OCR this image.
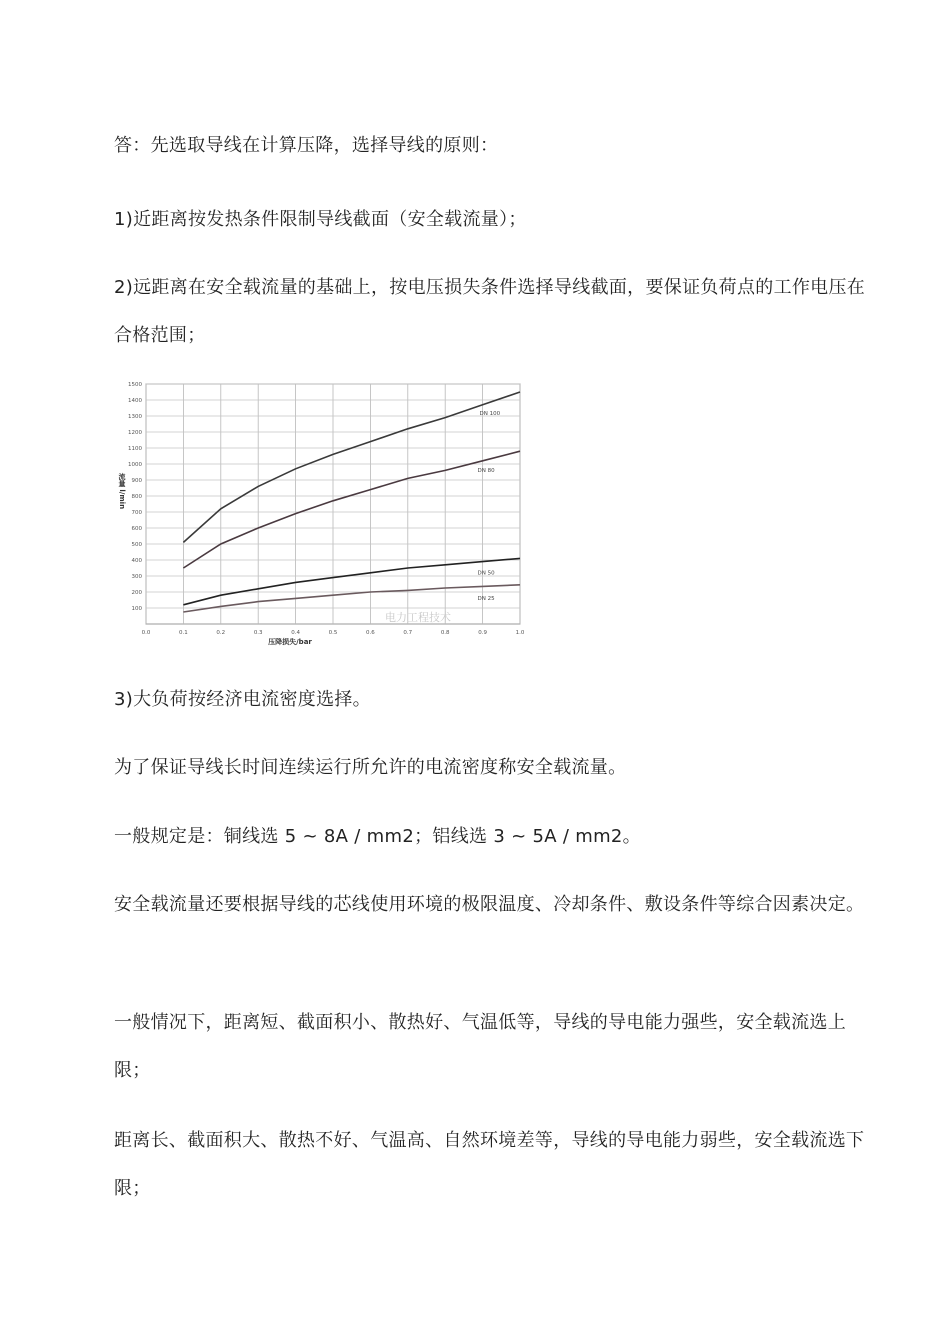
答：先选取导线在计算压降，选择导线的原则：

1)近距离按发热条件限制导线截面（安全载流量）；

2)远距离在安全载流量的基础上，按电压损失条件选择导线截面，要保证负荷点的工作电压在合格范围；

0.0	0.1	0.2	0.3	0.4	0.5	0.6	0.7	0.8	0.9	1.0
100
200
300
400
500
600
700
800
900
1000
1100
1200
1300
1400
1500
压降损失/bar
流量 l/min
DN 100
DN 80
DN 50
DN 25
电力工程技术

3)大负荷按经济电流密度选择。

为了保证导线长时间连续运行所允许的电流密度称安全载流量。

一般规定是：铜线选 5 ~ 8A / mm2；铝线选 3 ~ 5A / mm2。

安全载流量还要根据导线的芯线使用环境的极限温度、冷却条件、敷设条件等综合因素决定。

一般情况下，距离短、截面积小、散热好、气温低等，导线的导电能力强些，安全载流选上限；

距离长、截面积大、散热不好、气温高、自然环境差等，导线的导电能力弱些，安全载流选下限；
